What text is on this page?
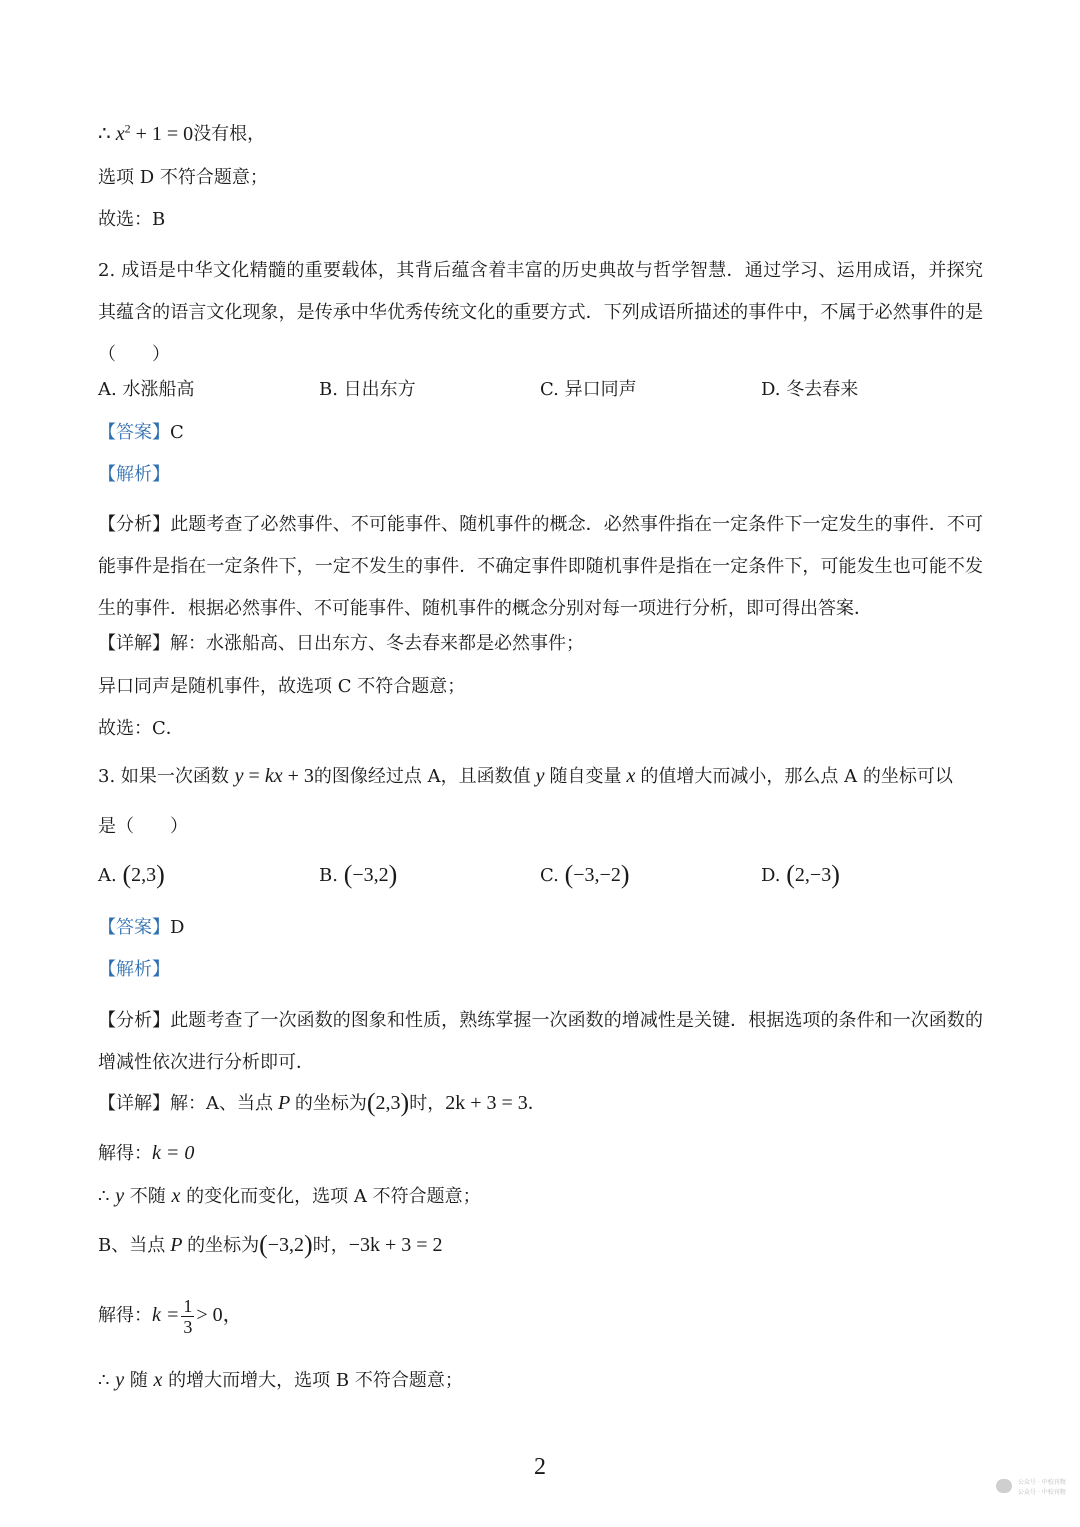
∴ $x^2 + 1 = 0$没有根，
选项 D 不符合题意；
故选：B
2. 成语是中华文化精髓的重要载体，其背后蕴含着丰富的历史典故与哲学智慧．通过学习、运用成语，并探究其蕴含的语言文化现象，是传承中华优秀传统文化的重要方式．下列成语所描述的事件中，不属于必然事件的是（　　）
A. 水涨船高	B. 日出东方	C. 异口同声	D. 冬去春来
【答案】C
【解析】
【分析】此题考查了必然事件、不可能事件、随机事件的概念．必然事件指在一定条件下一定发生的事件．不可能事件是指在一定条件下，一定不发生的事件．不确定事件即随机事件是指在一定条件下，可能发生也可能不发生的事件．根据必然事件、不可能事件、随机事件的概念分别对每一项进行分析，即可得出答案．
【详解】解：水涨船高、日出东方、冬去春来都是必然事件；
异口同声是随机事件，故选项 C 不符合题意；
故选：C．
3. 如果一次函数 y = kx + 3的图像经过点 A，且函数值 y 随自变量 x 的值增大而减小，那么点 A 的坐标可以
是（　　）
A. (2,3)	B. (−3,2)	C. (−3,−2)	D. (2,−3)
【答案】D
【解析】
【分析】此题考查了一次函数的图象和性质，熟练掌握一次函数的增减性是关键．根据选项的条件和一次函数的增减性依次进行分析即可．
【详解】解：A、当点 P 的坐标为(2,3)时，2k + 3 = 3．
解得：k = 0
∴ y 不随 x 的变化而变化，选项 A 不符合题意；
B、当点 P 的坐标为(−3,2)时，−3k + 3 = 2
解得：$k = \frac{1}{3} > 0$，
∴ y 随 x 的增大而增大，选项 B 不符合题意；
2
公众号 · 中校刊物
公众号 · 中校刊物
